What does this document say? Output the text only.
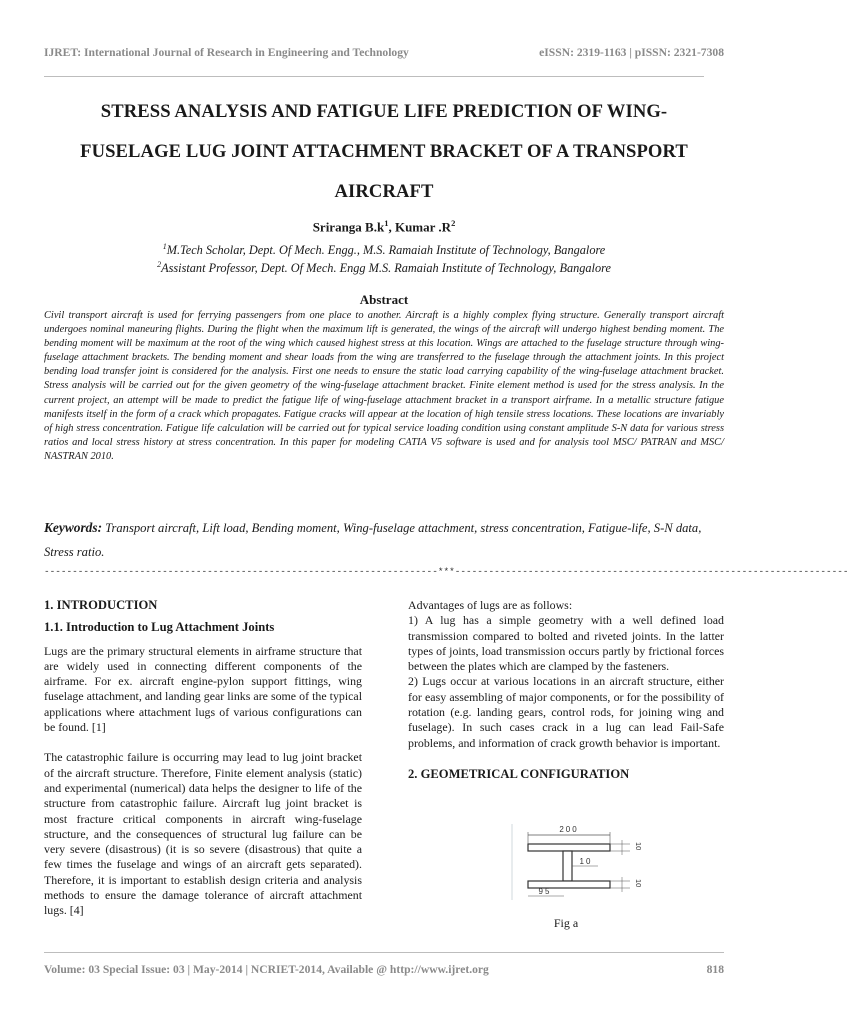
IJRET: International Journal of Research in Engineering and Technology	eISSN: 2319-1163 | pISSN: 2321-7308
STRESS ANALYSIS AND FATIGUE LIFE PREDICTION OF WING-
FUSELAGE LUG JOINT ATTACHMENT BRACKET OF A TRANSPORT
AIRCRAFT
Sriranga $B.k^1$, Kumar $.R^2$
$^1$M.Tech Scholar, Dept. Of Mech. Engg., M.S. Ramaiah Institute of Technology, Bangalore
$^2$Assistant Professor, Dept. Of Mech. Engg M.S. Ramaiah Institute of Technology, Bangalore
Abstract
Civil transport aircraft is used for ferrying passengers from one place to another. Aircraft is a highly complex flying structure. Generally transport aircraft undergoes nominal maneuring flights. During the flight when the maximum lift is generated, the wings of the aircraft will undergo highest bending moment. The bending moment will be maximum at the root of the wing which caused highest stress at this location. Wings are attached to the fuselage structure through wing-fuselage attachment brackets. The bending moment and shear loads from the wing are transferred to the fuselage through the attachment joints. In this project bending load transfer joint is considered for the analysis. First one needs to ensure the static load carrying capability of the wing-fuselage attachment bracket. Stress analysis will be carried out for the given geometry of the wing-fuselage attachment bracket. Finite element method is used for the stress analysis. In the current project, an attempt will be made to predict the fatigue life of wing-fuselage attachment bracket in a transport airframe. In a metallic structure fatigue manifests itself in the form of a crack which propagates. Fatigue cracks will appear at the location of high tensile stress locations. These locations are invariably of high stress concentration. Fatigue life calculation will be carried out for typical service loading condition using constant amplitude S-N data for various stress ratios and local stress history at stress concentration. In this paper for modeling CATIA V5 software is used and for analysis tool MSC/ PATRAN and MSC/ NASTRAN 2010.
Keywords: Transport aircraft, Lift load, Bending moment, Wing-fuselage attachment, stress concentration, Fatigue-life, S-N data, Stress ratio.
----------------------------------------------------------------------***----------------------------------------------------------------------
1. INTRODUCTION
1.1. Introduction to Lug Attachment Joints

Lugs are the primary structural elements in airframe structure that are widely used in connecting different components of the airframe. For ex. aircraft engine-pylon support fittings, wing fuselage attachment, and landing gear links are some of the typical applications where attachment lugs of various configurations can be found. [1]

The catastrophic failure is occurring may lead to lug joint bracket of the aircraft structure. Therefore, Finite element analysis (static) and experimental (numerical) data helps the designer to life of the structure from catastrophic failure. Aircraft lug joint bracket is most fracture critical components in aircraft wing-fuselage structure, and the consequences of structural lug failure can be very severe (disastrous) (it is so severe (disastrous) that quite a few times the fuselage and wings of an aircraft gets separated). Therefore, it is important to establish design criteria and analysis methods to ensure the damage tolerance of aircraft attachment lugs. [4]

Advantages of lugs are as follows:

1) A lug has a simple geometry with a well defined load transmission compared to bolted and riveted joints. In the latter types of joints, load transmission occurs partly by frictional forces between the plates which are clamped by the fasteners.

2) Lugs occur at various locations in an aircraft structure, either for easy assembling of major components, or for the possibility of rotation (e.g. landing gears, control rods, for joining wing and fuselage). In such cases crack in a lug can lead Fail-Safe problems, and information of crack growth behavior is important.

2. GEOMETRICAL CONFIGURATION
200
10
95
10
10
Fig a
Volume: 03 Special Issue: 03 | May-2014 | NCRIET-2014, Available @ http://www.ijret.org	818
